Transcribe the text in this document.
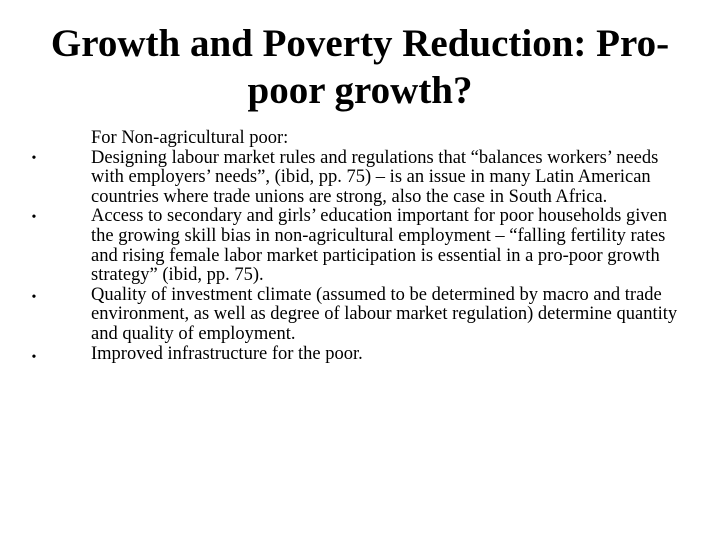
Growth and Poverty Reduction: Pro-poor growth?

For Non-agricultural poor:

•	Designing labour market rules and regulations that “balances workers’ needs with employers’ needs”, (ibid, pp. 75) – is an issue in many Latin American countries where trade unions are strong, also the case in South Africa.
•	Access to secondary and girls’ education important for poor households given the growing skill bias in non-agricultural employment – “falling fertility rates and rising female labor market participation is essential in a pro-poor growth strategy” (ibid, pp. 75).
•	Quality of investment climate (assumed to be determined by macro and trade environment, as well as degree of labour market regulation) determine quantity and quality of employment.
•	Improved infrastructure for the poor.
